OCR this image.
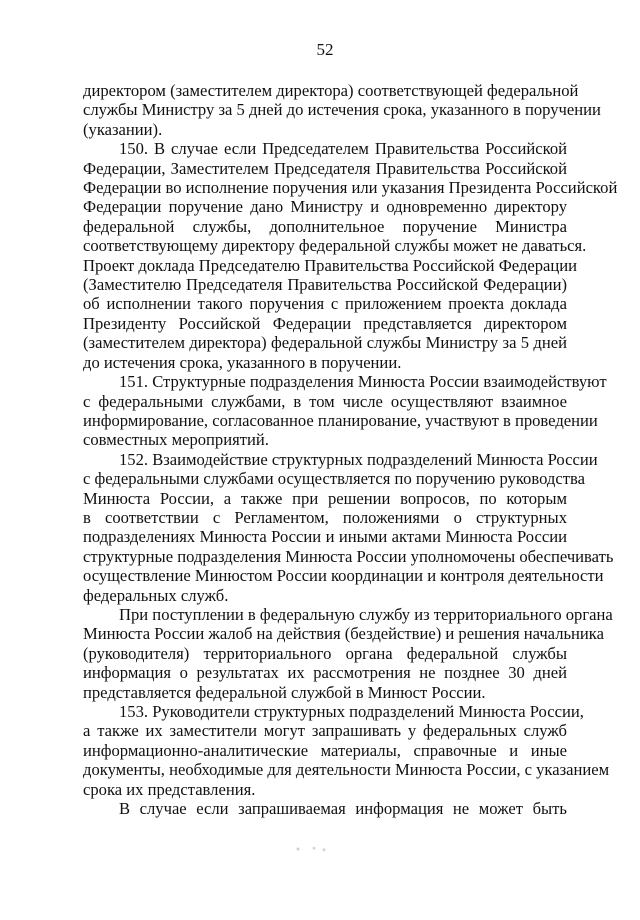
52

директором (заместителем директора) соответствующей федеральной

службы Министру за 5 дней до истечения срока, указанного в поручении

(указании).

150. В случае если Председателем Правительства Российской

Федерации, Заместителем Председателя Правительства Российской

Федерации во исполнение поручения или указания Президента Российской

Федерации поручение дано Министру и одновременно директору

федеральной службы, дополнительное поручение Министра

соответствующему директору федеральной службы может не даваться.

Проект доклада Председателю Правительства Российской Федерации

(Заместителю Председателя Правительства Российской Федерации)

об исполнении такого поручения с приложением проекта доклада

Президенту Российской Федерации представляется директором

(заместителем директора) федеральной службы Министру за 5 дней

до истечения срока, указанного в поручении.

151. Структурные подразделения Минюста России взаимодействуют

с федеральными службами, в том числе осуществляют взаимное

информирование, согласованное планирование, участвуют в проведении

совместных мероприятий.

152. Взаимодействие структурных подразделений Минюста России

с федеральными службами осуществляется по поручению руководства

Минюста России, а также при решении вопросов, по которым

в соответствии с Регламентом, положениями о структурных

подразделениях Минюста России и иными актами Минюста России

структурные подразделения Минюста России уполномочены обеспечивать

осуществление Минюстом России координации и контроля деятельности

федеральных служб.

При поступлении в федеральную службу из территориального органа

Минюста России жалоб на действия (бездействие) и решения начальника

(руководителя) территориального органа федеральной службы

информация о результатах их рассмотрения не позднее 30 дней

представляется федеральной службой в Минюст России.

153. Руководители структурных подразделений Минюста России,

а также их заместители могут запрашивать у федеральных служб

информационно-аналитические материалы, справочные и иные

документы, необходимые для деятельности Минюста России, с указанием

срока их представления.

В случае если запрашиваемая информация не может быть
